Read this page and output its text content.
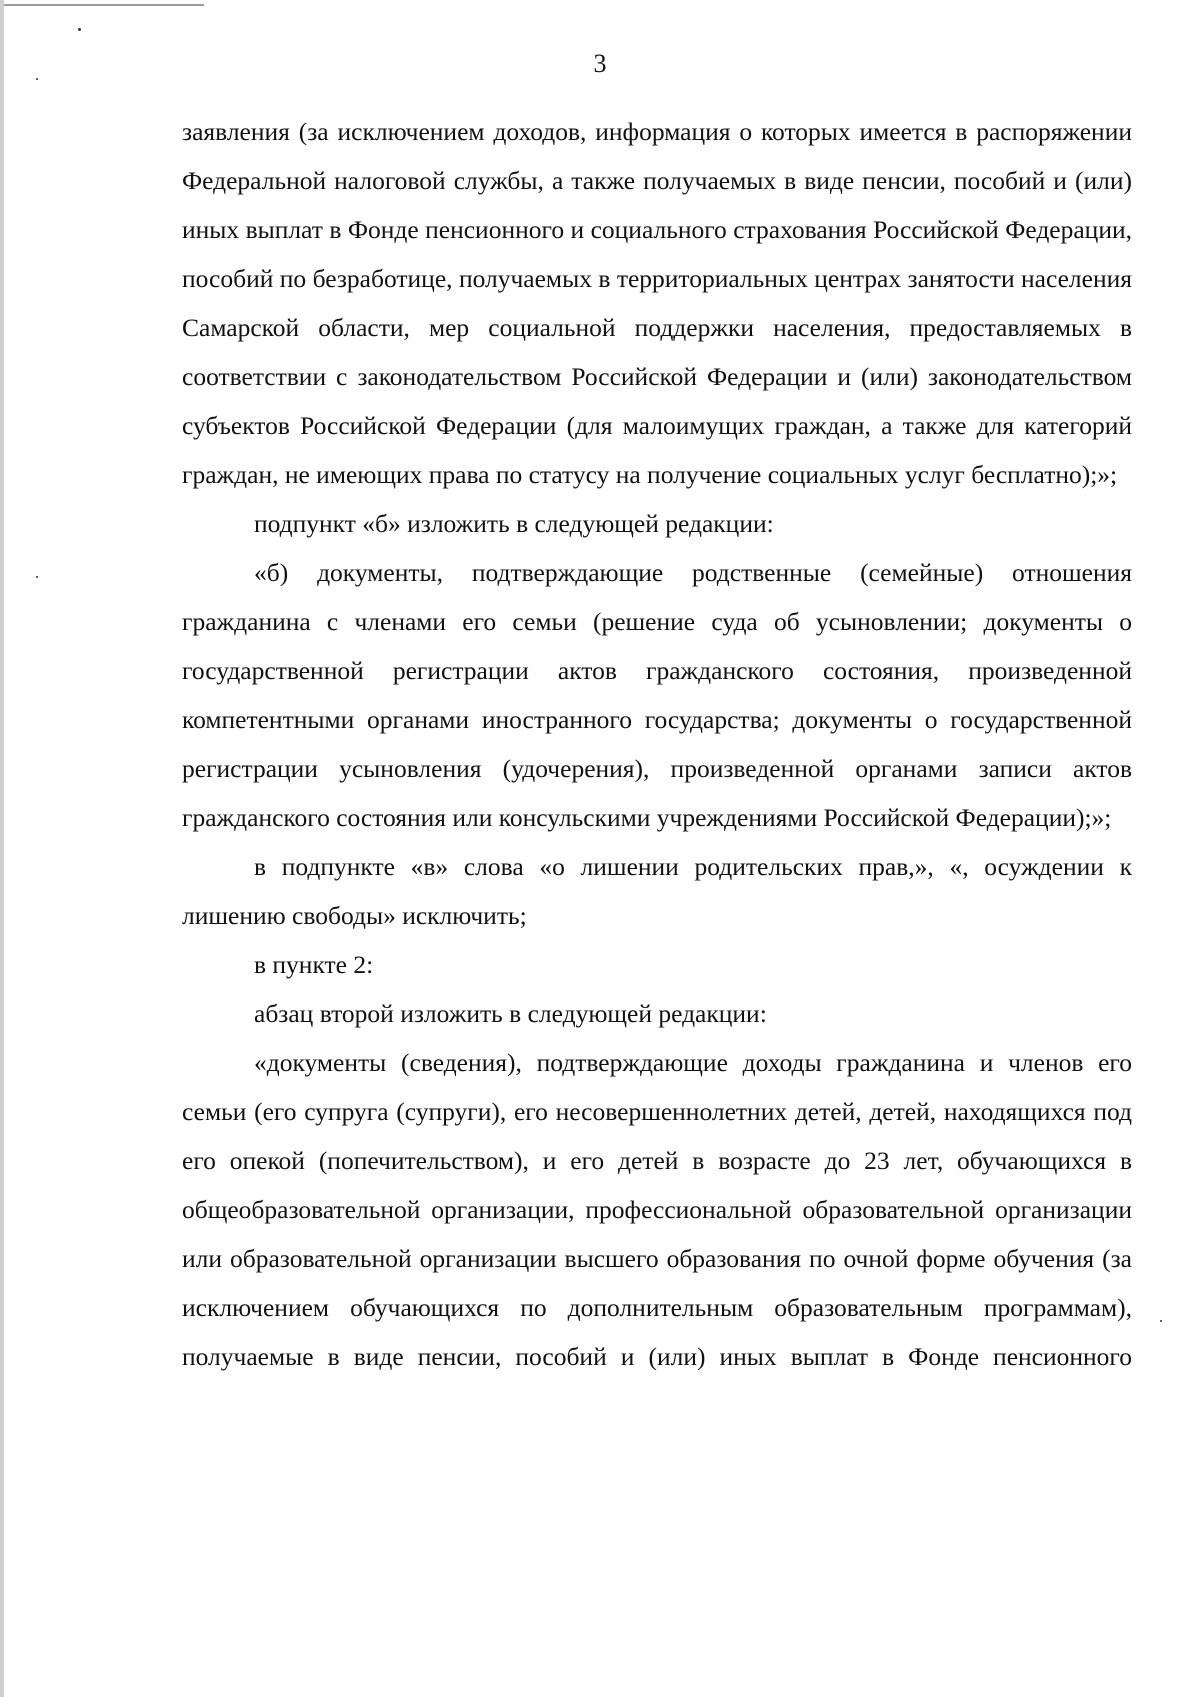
3

заявления (за исключением доходов, информация о которых имеется в распоряжении Федеральной налоговой службы, а также получаемых в виде пенсии, пособий и (или) иных выплат в Фонде пенсионного и социального страхования Российской Федерации, пособий по безработице, получаемых в территориальных центрах занятости населения Самарской области, мер социальной поддержки населения, предоставляемых в соответствии с законодательством Российской Федерации и (или) законодательством субъектов Российской Федерации (для малоимущих граждан, а также для категорий граждан, не имеющих права по статусу на получение социальных услуг бесплатно);»;

подпункт «б» изложить в следующей редакции:

«б) документы, подтверждающие родственные (семейные) отношения гражданина с членами его семьи (решение суда об усыновлении; документы о государственной регистрации актов гражданского состояния, произведенной компетентными органами иностранного государства; документы о государственной регистрации усыновления (удочерения), произведенной органами записи актов гражданского состояния или консульскими учреждениями Российской Федерации);»;

в подпункте «в» слова «о лишении родительских прав,», «, осуждении к лишению свободы» исключить;

в пункте 2:

абзац второй изложить в следующей редакции:

«документы (сведения), подтверждающие доходы гражданина и членов его семьи (его супруга (супруги), его несовершеннолетних детей, детей, находящихся под его опекой (попечительством), и его детей в возрасте до 23 лет, обучающихся в общеобразовательной организации, профессиональной образовательной организации или образовательной организации высшего образования по очной форме обучения (за исключением обучающихся по дополнительным образовательным программам), получаемые в виде пенсии, пособий и (или) иных выплат в Фонде пенсионного
